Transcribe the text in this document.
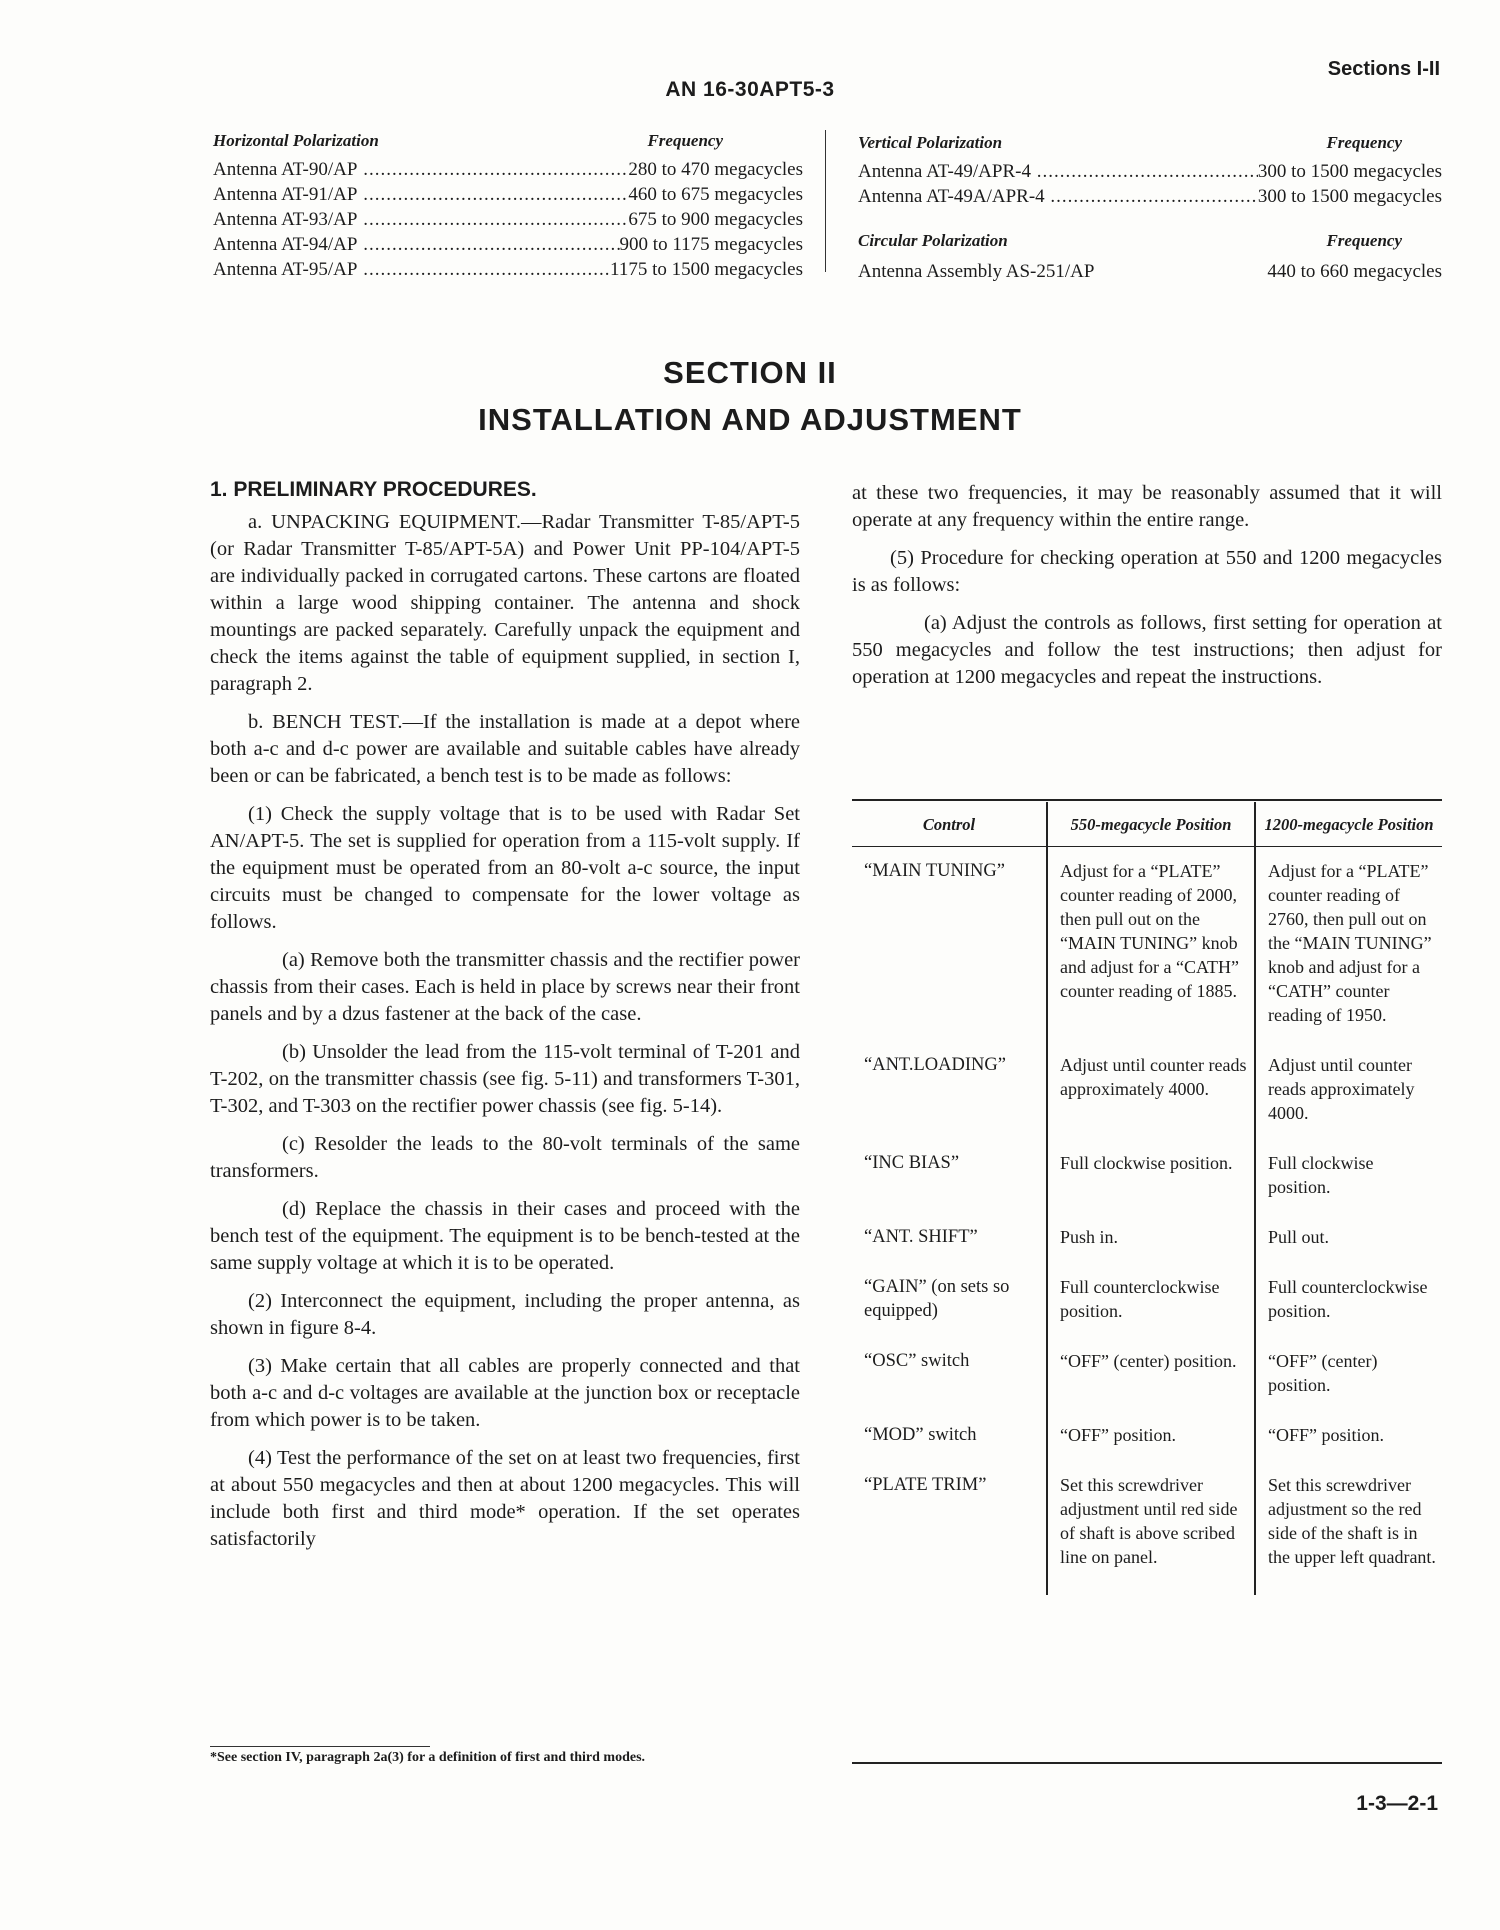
AN 16-30APT5-3
Sections I-II
Horizontal Polarization	Frequency
Antenna AT-90/AP .....	280 to 470 megacycles
Antenna AT-91/AP .....	460 to 675 megacycles
Antenna AT-93/AP .....	675 to 900 megacycles
Antenna AT-94/AP .....	900 to 1175 megacycles
Antenna AT-95/AP .....	1175 to 1500 megacycles
Vertical Polarization	Frequency
Antenna AT-49/APR-4 .....	300 to 1500 megacycles
Antenna AT-49A/APR-4 .....	300 to 1500 megacycles
Circular Polarization	Frequency
Antenna Assembly AS-251/AP	440 to 660 megacycles
SECTION II
INSTALLATION AND ADJUSTMENT
1. PRELIMINARY PROCEDURES.

a. UNPACKING EQUIPMENT.—Radar Transmitter T-85/APT-5 (or Radar Transmitter T-85/APT-5A) and Power Unit PP-104/APT-5 are individually packed in corrugated cartons. These cartons are floated within a large wood shipping container. The antenna and shock mountings are packed separately. Carefully unpack the equipment and check the items against the table of equipment supplied, in section I, paragraph 2.

b. BENCH TEST.—If the installation is made at a depot where both a-c and d-c power are available and suitable cables have already been or can be fabricated, a bench test is to be made as follows:

(1) Check the supply voltage that is to be used with Radar Set AN/APT-5. The set is supplied for operation from a 115-volt supply. If the equipment must be operated from an 80-volt a-c source, the input circuits must be changed to compensate for the lower voltage as follows.

(a) Remove both the transmitter chassis and the rectifier power chassis from their cases. Each is held in place by screws near their front panels and by a dzus fastener at the back of the case.

(b) Unsolder the lead from the 115-volt terminal of T-201 and T-202, on the transmitter chassis (see fig. 5-11) and transformers T-301, T-302, and T-303 on the rectifier power chassis (see fig. 5-14).

(c) Resolder the leads to the 80-volt terminals of the same transformers.

(d) Replace the chassis in their cases and proceed with the bench test of the equipment. The equipment is to be bench-tested at the same supply voltage at which it is to be operated.

(2) Interconnect the equipment, including the proper antenna, as shown in figure 8-4.

(3) Make certain that all cables are properly connected and that both a-c and d-c voltages are available at the junction box or receptacle from which power is to be taken.

(4) Test the performance of the set on at least two frequencies, first at about 550 megacycles and then at about 1200 megacycles. This will include both first and third mode* operation. If the set operates satisfactorily

*See section IV, paragraph 2a(3) for a definition of first and third modes.

at these two frequencies, it may be reasonably assumed that it will operate at any frequency within the entire range.

(5) Procedure for checking operation at 550 and 1200 megacycles is as follows:

(a) Adjust the controls as follows, first setting for operation at 550 megacycles and follow the test instructions; then adjust for operation at 1200 megacycles and repeat the instructions.

Control	550-megacycle Position	1200-megacycle Position
“MAIN TUNING”	Adjust for a “PLATE” counter reading of 2000, then pull out on the “MAIN TUNING” knob and adjust for a “CATH” counter reading of 1885.	Adjust for a “PLATE” counter reading of 2760, then pull out on the “MAIN TUNING” knob and adjust for a “CATH” counter reading of 1950.
“ANT.LOADING”	Adjust until counter reads approximately 4000.	Adjust until counter reads approximately 4000.
“INC BIAS”	Full clockwise position.	Full clockwise position.
“ANT. SHIFT”	Push in.	Pull out.
“GAIN” (on sets so equipped)	Full counterclockwise position.	Full counterclockwise position.
“OSC” switch	“OFF” (center) position.	“OFF” (center) position.
“MOD” switch	“OFF” position.	“OFF” position.
“PLATE TRIM”	Set this screwdriver adjustment until red side of shaft is above scribed line on panel.	Set this screwdriver adjustment so the red side of the shaft is in the upper left quadrant.
1-3—2-1
